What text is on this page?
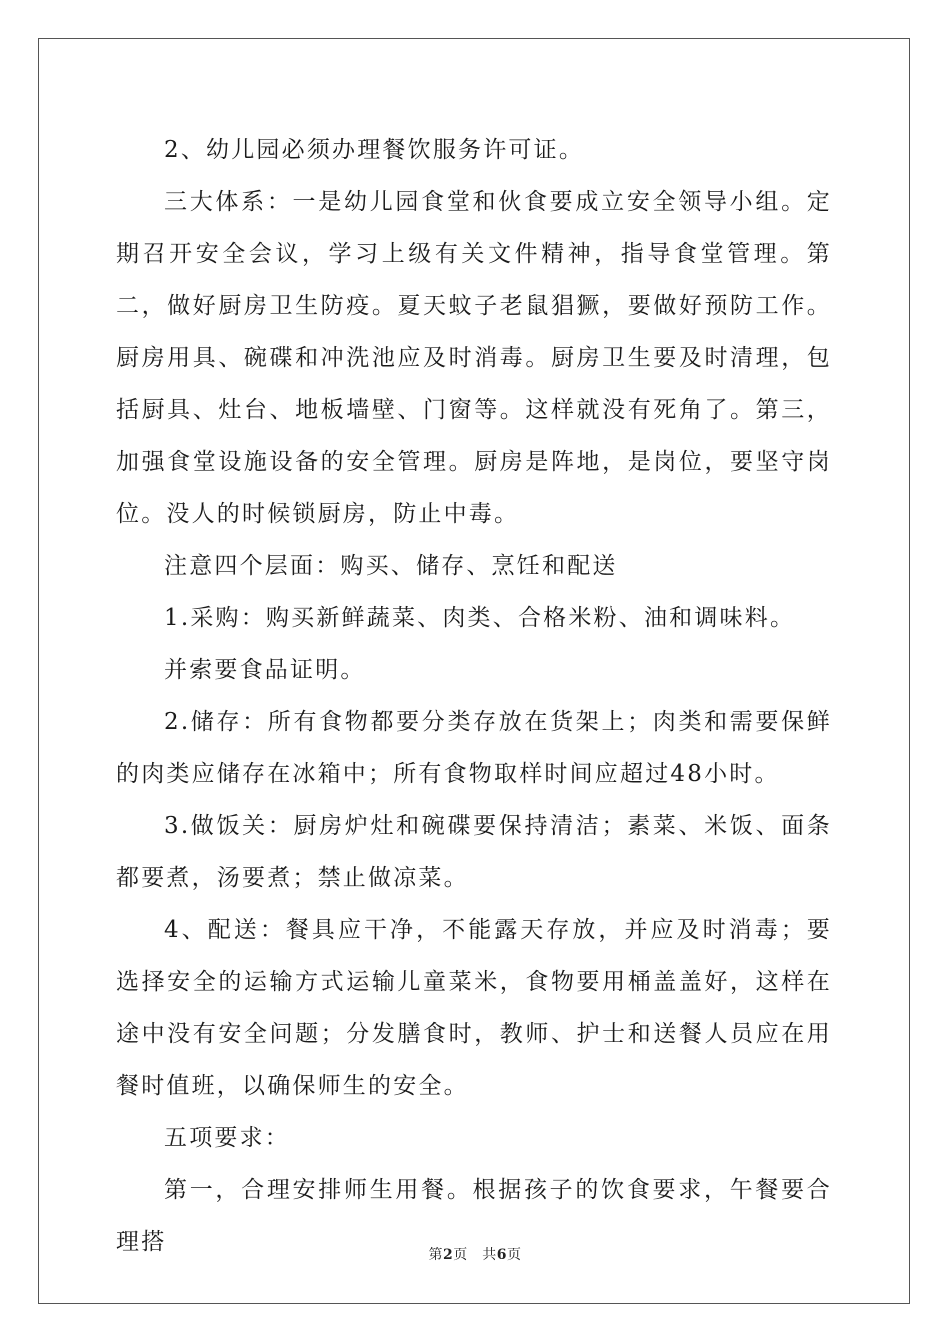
2、幼儿园必须办理餐饮服务许可证。

三大体系：一是幼儿园食堂和伙食要成立安全领导小组。定期召开安全会议，学习上级有关文件精神，指导食堂管理。第二，做好厨房卫生防疫。夏天蚊子老鼠猖獗，要做好预防工作。厨房用具、碗碟和冲洗池应及时消毒。厨房卫生要及时清理，包括厨具、灶台、地板墙壁、门窗等。这样就没有死角了。第三，加强食堂设施设备的安全管理。厨房是阵地，是岗位，要坚守岗位。没人的时候锁厨房，防止中毒。

注意四个层面：购买、储存、烹饪和配送

1.采购：购买新鲜蔬菜、肉类、合格米粉、油和调味料。

并索要食品证明。

2.储存：所有食物都要分类存放在货架上；肉类和需要保鲜的肉类应储存在冰箱中；所有食物取样时间应超过48小时。

3.做饭关：厨房炉灶和碗碟要保持清洁；素菜、米饭、面条都要煮，汤要煮；禁止做凉菜。

4、配送：餐具应干净，不能露天存放，并应及时消毒；要选择安全的运输方式运输儿童菜米，食物要用桶盖盖好，这样在途中没有安全问题；分发膳食时，教师、护士和送餐人员应在用餐时值班，以确保师生的安全。

五项要求：

第一，合理安排师生用餐。根据孩子的饮食要求，午餐要合理搭	第2页　共6页
